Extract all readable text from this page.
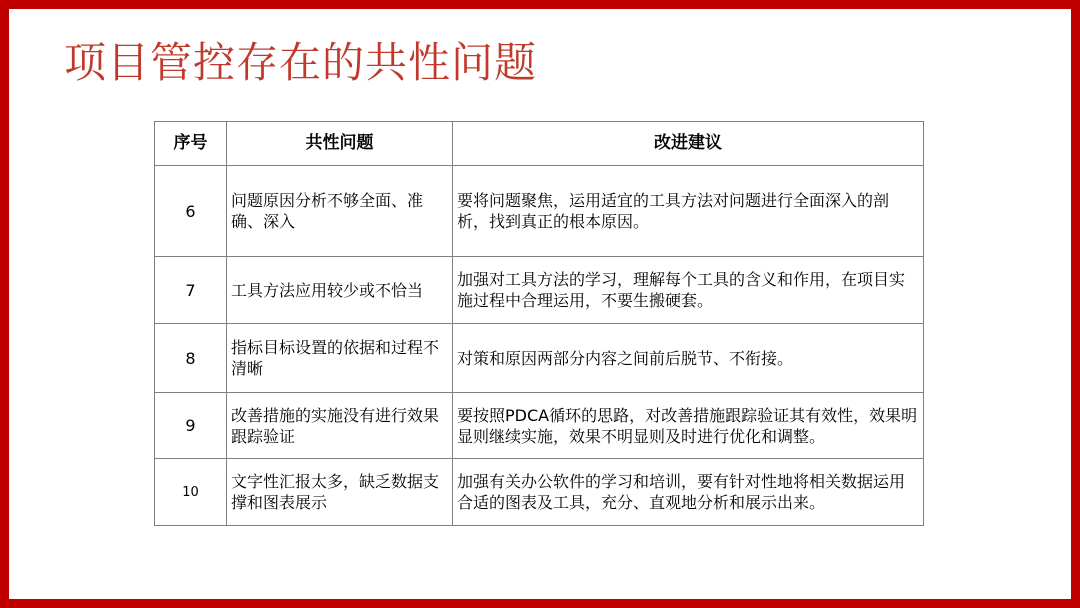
项目管控存在的共性问题
序号	共性问题	改进建议
6	问题原因分析不够全面、准确、深入	要将问题聚焦，运用适宜的工具方法对问题进行全面深入的剖析，找到真正的根本原因。
7	工具方法应用较少或不恰当	加强对工具方法的学习，理解每个工具的含义和作用，在项目实施过程中合理运用，不要生搬硬套。
8	指标目标设置的依据和过程不清晰	对策和原因两部分内容之间前后脱节、不衔接。
9	改善措施的实施没有进行效果跟踪验证	要按照PDCA循环的思路，对改善措施跟踪验证其有效性，效果明显则继续实施，效果不明显则及时进行优化和调整。
10	文字性汇报太多，缺乏数据支撑和图表展示	加强有关办公软件的学习和培训，要有针对性地将相关数据运用合适的图表及工具，充分、直观地分析和展示出来。
大数跨境
